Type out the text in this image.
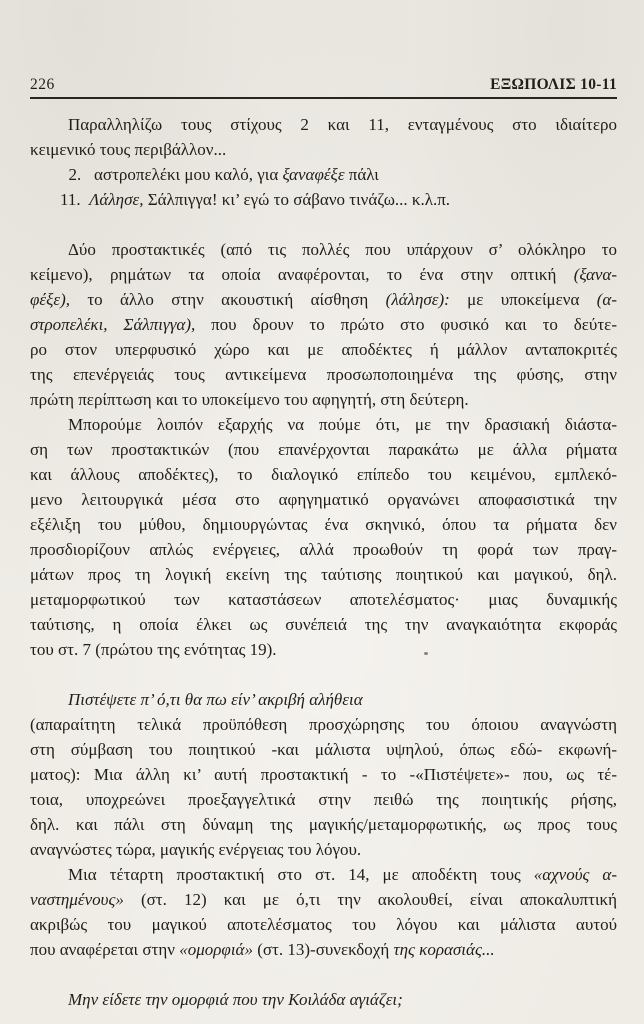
226	ΕΞΩΠΟΛΙΣ 10-11
Παραλληλίζω τους στίχους 2 και 11, ενταγμένους στο ιδιαίτερο
κειμενικό τους περιβάλλον...
2.   αστροπελέκι μου καλό, για ξαναφέξε πάλι
11.  Λάλησε, Σάλπιγγα! κι’ εγώ το σάβανο τινάζω... κ.λ.π.
Δύο προστακτικές (από τις πολλές που υπάρχουν σ’ ολόκληρο το
κείμενο), ρημάτων τα οποία αναφέρονται, το ένα στην οπτική (ξανα-
φέξε), το άλλο στην ακουστική αίσθηση (λάλησε): με υποκείμενα (α-
στροπελέκι, Σάλπιγγα), που δρουν το πρώτο στο φυσικό και το δεύτε-
ρο στον υπερφυσικό χώρο και με αποδέκτες ή μάλλον ανταποκριτές
της επενέργειάς τους αντικείμενα προσωποποιημένα της φύσης, στην
πρώτη περίπτωση και το υποκείμενο του αφηγητή, στη δεύτερη.
Μπορούμε λοιπόν εξαρχής να πούμε ότι, με την δρασιακή διάστα-
ση των προστακτικών (που επανέρχονται παρακάτω με άλλα ρήματα
και άλλους αποδέκτες), το διαλογικό επίπεδο του κειμένου, εμπλεκό-
μενο λειτουργικά μέσα στο αφηγηματικό οργανώνει αποφασιστικά την
εξέλιξη του μύθου, δημιουργώντας ένα σκηνικό, όπου τα ρήματα δεν
προσδιορίζουν απλώς ενέργειες, αλλά προωθούν τη φορά των πραγ-
μάτων προς τη λογική εκείνη της ταύτισης ποιητικού και μαγικού, δηλ.
μεταμορφωτικού των καταστάσεων αποτελέσματος· μιας δυναμικής
ταύτισης, η οποία έλκει ως συνέπειά της την αναγκαιότητα εκφοράς
του στ. 7 (πρώτου της ενότητας 19).
Πιστέψετε π’ ό,τι θα πω είν’ ακριβή αλήθεια
(απαραίτητη τελικά προϋπόθεση προσχώρησης του όποιου αναγνώστη
στη σύμβαση του ποιητικού -και μάλιστα υψηλού, όπως εδώ- εκφωνή-
ματος): Μια άλλη κι’ αυτή προστακτική - το -«Πιστέψετε»- που, ως τέ-
τοια, υποχρεώνει προεξαγγελτικά στην πειθώ της ποιητικής ρήσης,
δηλ. και πάλι στη δύναμη της μαγικής/μεταμορφωτικής, ως προς τους
αναγνώστες τώρα, μαγικής ενέργειας του λόγου.
Μια τέταρτη προστακτική στο στ. 14, με αποδέκτη τους «αχνούς α-
ναστημένους» (στ. 12) και με ό,τι την ακολουθεί, είναι αποκαλυπτική
ακριβώς του μαγικού αποτελέσματος του λόγου και μάλιστα αυτού
που αναφέρεται στην «ομορφιά» (στ. 13)-συνεκδοχή της κορασιάς...
Μην είδετε την ομορφιά που την Κοιλάδα αγιάζει;
